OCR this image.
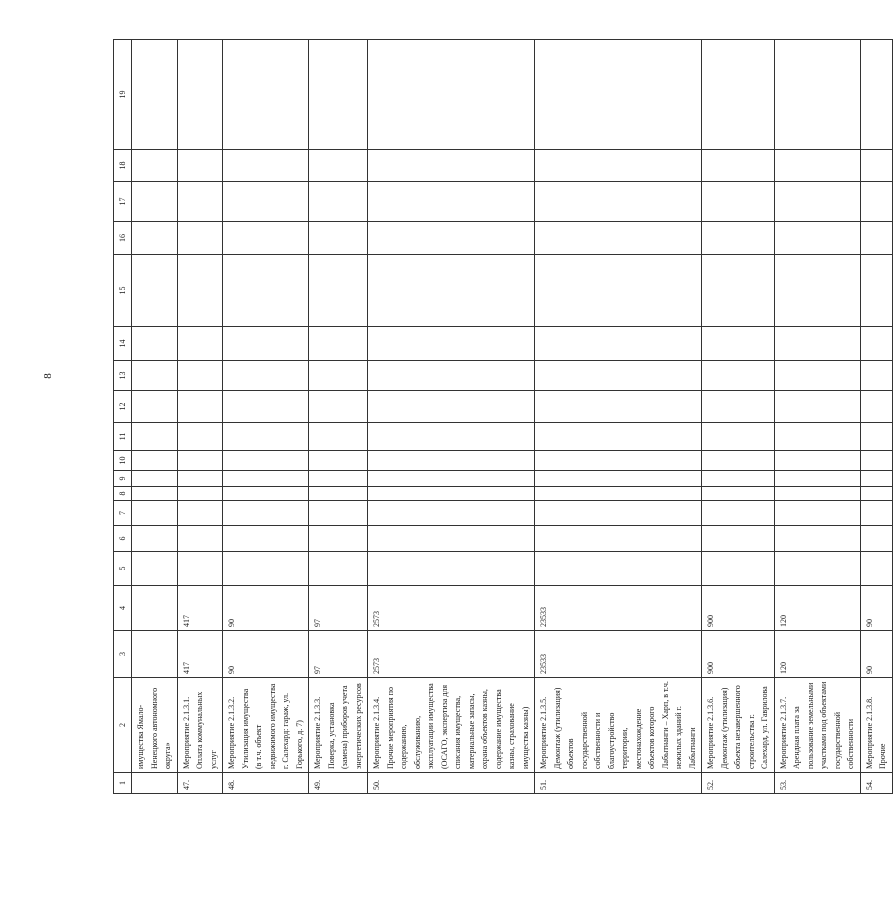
8
1	2	3	4	5	6	7	8	9	10	11	12	13	14	15	16	17	18	19
	имущества Ямало-Ненецкого автономного округа»																	
47.	Мероприятие 2.1.3.1. Оплата коммунальных услуг	417	417															
48.	Мероприятие 2.1.3.2. Утилизация имущества (в т.ч. объект недвижимого имущества г. Салехард: гараж, ул. Горького, д. 7)	90	90															
49.	Мероприятие 2.1.3.3. Поверка, установка (замена) приборов учета энергетических ресурсов	97	97															
50.	Мероприятие 2.1.3.4. Прочие мероприятия по содержанию, обслуживанию, эксплуатации имущества (ОСАГО, экспертиза для списания имущества, материальные запасы, охрана объектов казны, содержание имущества казны, страхование имущества казны)	2573	2573															
51.	Мероприятие 2.1.3.5. Демонтаж (утилизация) объектов государственной собственности и благоустройство территории, местонахождение объектов которого Лабытнанги – Харп, в т.ч. нежилых зданий г. Лабытнанги	23533	23533															
52.	Мероприятие 2.1.3.6. Демонтаж (утилизация) объекта незавершенного строительства г. Салехард, ул. Гаврилова	900	900															
53.	Мероприятие 2.1.3.7. Арендная плата за пользование земельными участками под объектами государственной собственности	120	120															
54.	Мероприятие 2.1.3.8. Прочие	90	90															
